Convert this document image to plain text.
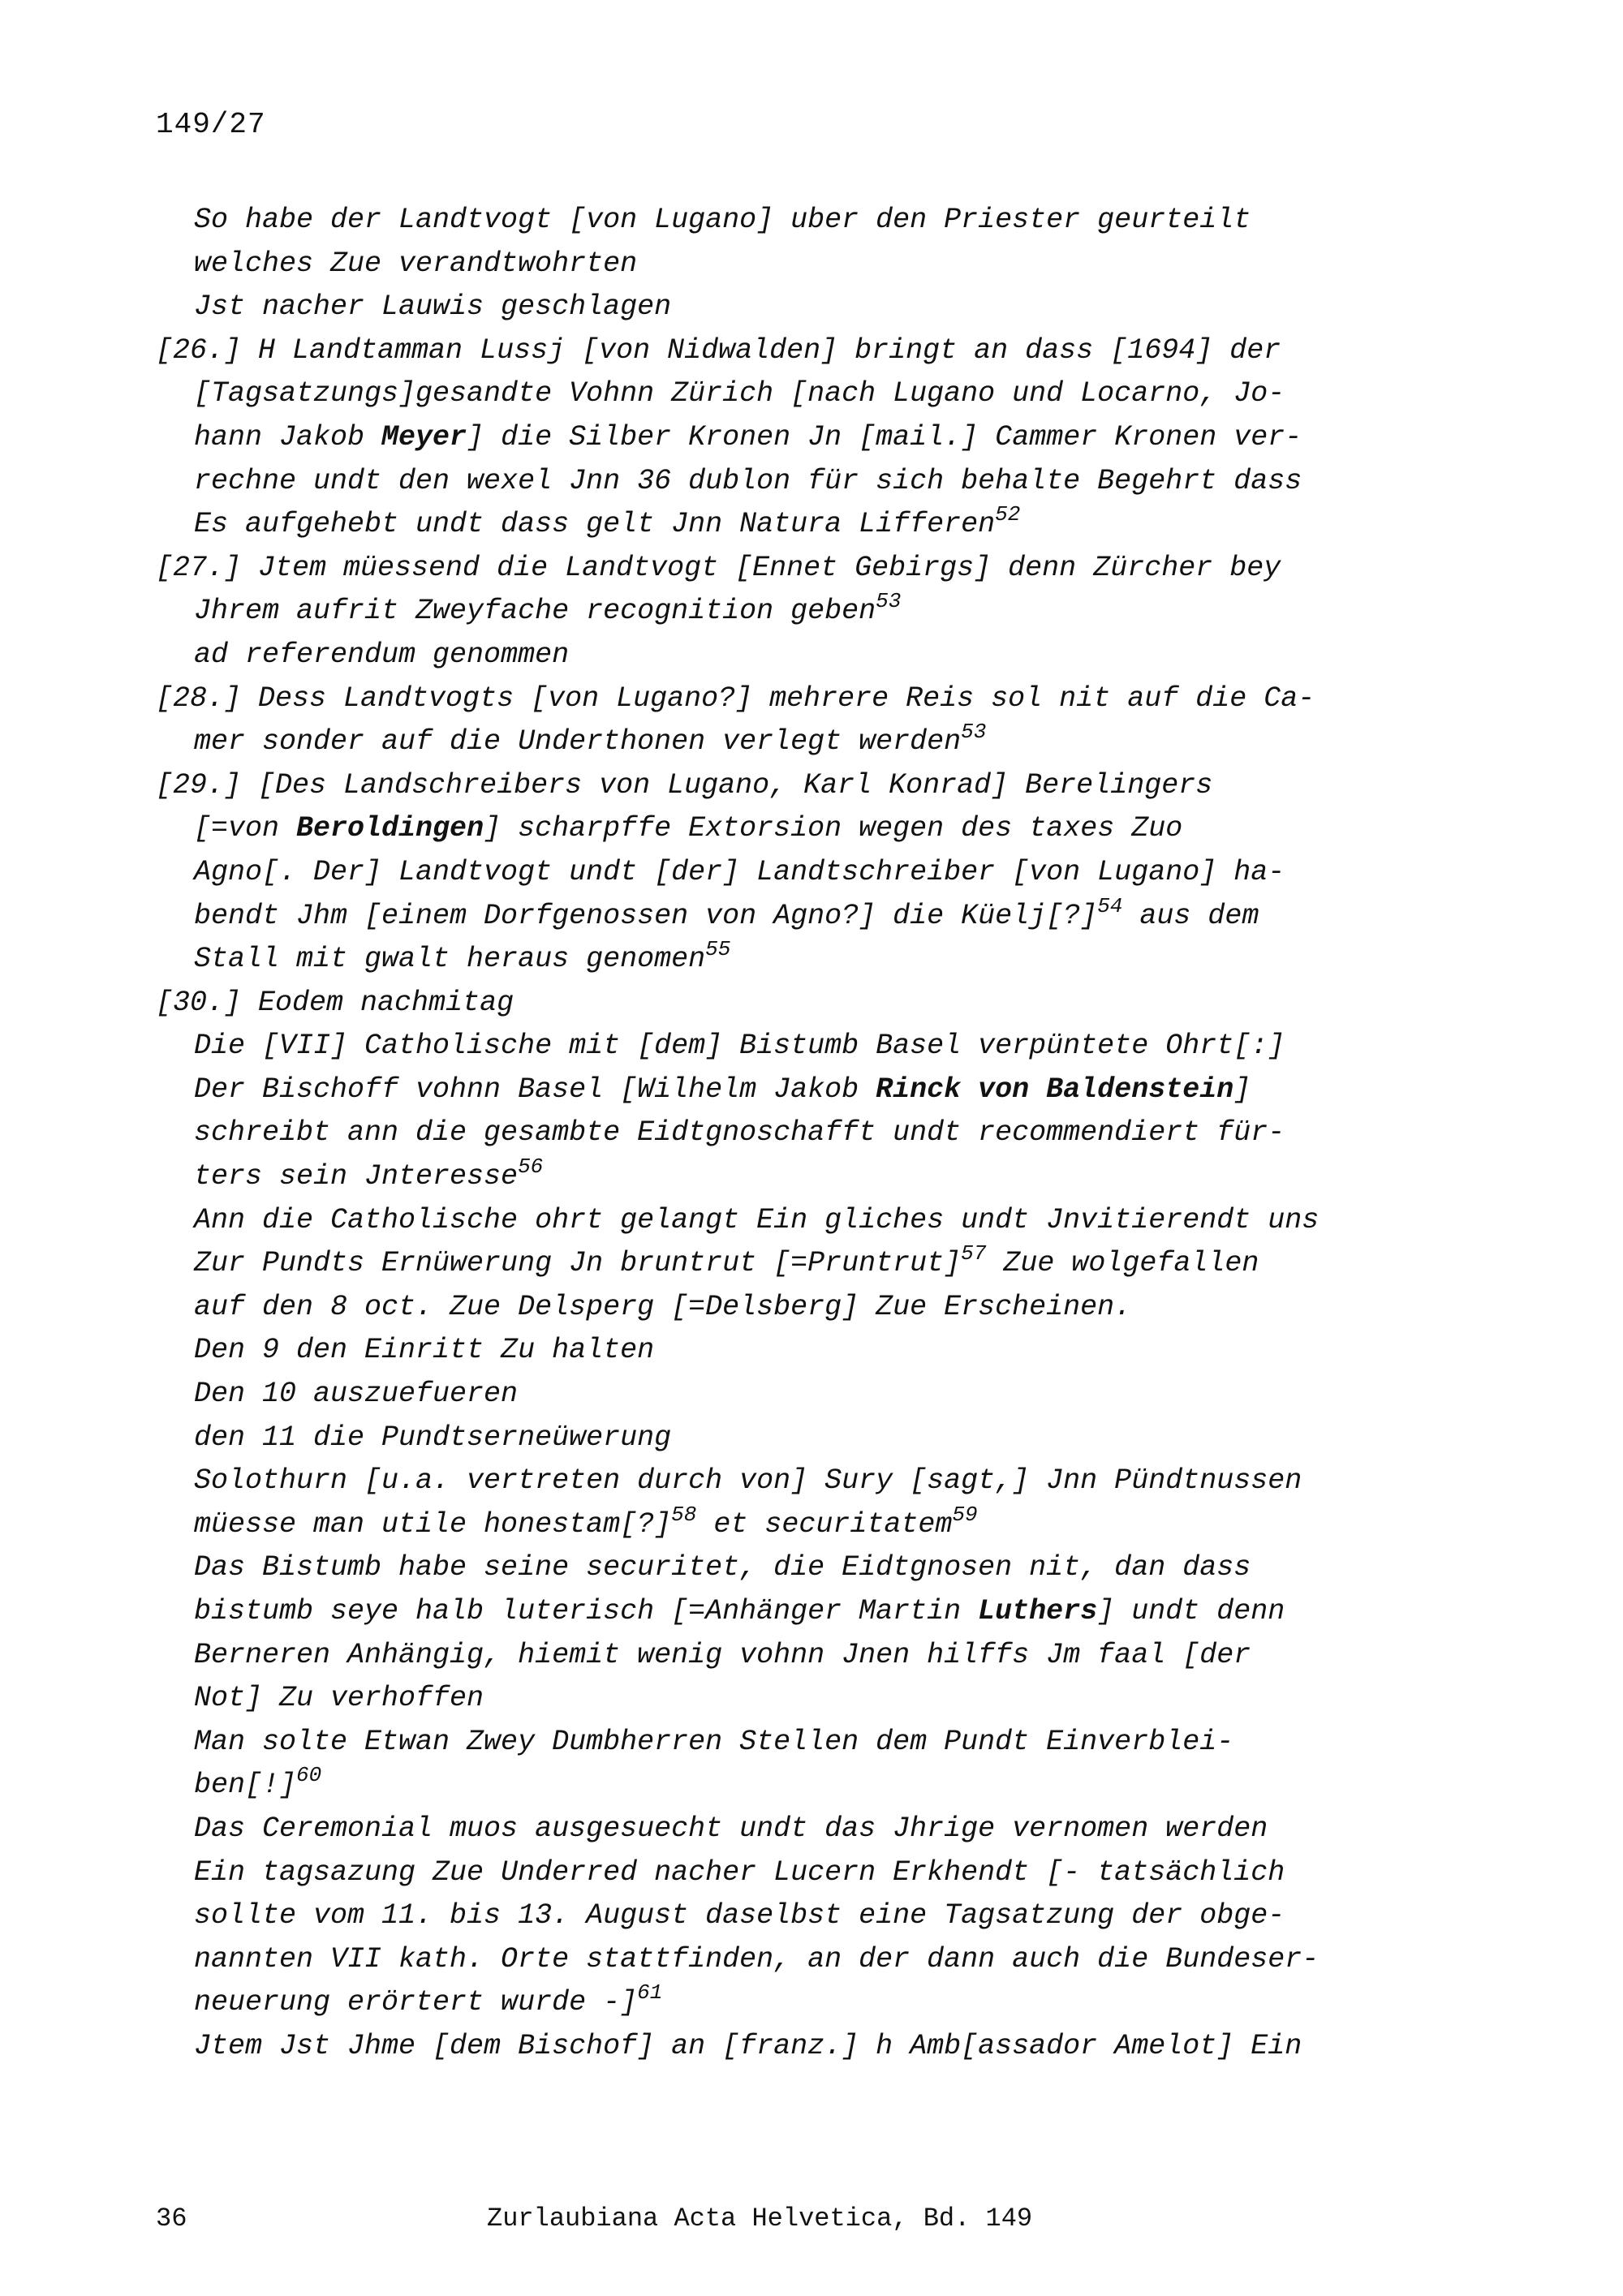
149/27
So habe der Landtvogt [von Lugano] uber den Priester geurteilt
welches Zue verandtwohrten
Jst nacher Lauwis geschlagen
[26.] H Landtamman Lussj [von Nidwalden] bringt an dass [1694] der
[Tagsatzungs]gesandte Vohnn Zürich [nach Lugano und Locarno, Jo-
hann Jakob Meyer] die Silber Kronen Jn [mail.] Cammer Kronen ver-
rechne undt den wexel Jnn 36 dublon für sich behalte Begehrt dass
Es aufgehebt undt dass gelt Jnn Natura Lifferen$^{52}$
[27.] Jtem müessend die Landtvogt [Ennet Gebirgs] denn Zürcher bey
Jhrem aufrit Zweyfache recognition geben$^{53}$
ad referendum genommen
[28.] Dess Landtvogts [von Lugano?] mehrere Reis sol nit auf die Ca-
mer sonder auf die Underthonen verlegt werden$^{53}$
[29.] [Des Landschreibers von Lugano, Karl Konrad] Berelingers
[=von Beroldingen] scharpffe Extorsion wegen des taxes Zuo
Agno[. Der] Landtvogt undt [der] Landtschreiber [von Lugano] ha-
bendt Jhm [einem Dorfgenossen von Agno?] die Küelj[?]$^{54}$ aus dem
Stall mit gwalt heraus genomen$^{55}$
[30.] Eodem nachmitag
Die [VII] Catholische mit [dem] Bistumb Basel verpüntete Ohrt[:]
Der Bischoff vohnn Basel [Wilhelm Jakob Rinck von Baldenstein]
schreibt ann die gesambte Eidtgnoschafft undt recommendiert für-
ters sein Jnteresse$^{56}$
Ann die Catholische ohrt gelangt Ein gliches undt Jnvitierendt uns
Zur Pundts Ernüwerung Jn bruntrut [=Pruntrut]$^{57}$ Zue wolgefallen
auf den 8 oct. Zue Delsperg [=Delsberg] Zue Erscheinen.
Den 9 den Einritt Zu halten
Den 10 auszuefueren
den 11 die Pundtserneüwerung
Solothurn [u.a. vertreten durch von] Sury [sagt,] Jnn Pündtnussen
müesse man utile honestam[?]$^{58}$ et securitatem$^{59}$
Das Bistumb habe seine securitet, die Eidtgnosen nit, dan dass
bistumb seye halb luterisch [=Anhänger Martin Luthers] undt denn
Berneren Anhängig, hiemit wenig vohnn Jnen hilffs Jm faal [der
Not] Zu verhoffen
Man solte Etwan Zwey Dumbherren Stellen dem Pundt Einverblei-
ben[!]$^{60}$
Das Ceremonial muos ausgesuecht undt das Jhrige vernomen werden
Ein tagsazung Zue Underred nacher Lucern Erkhendt [- tatsächlich
sollte vom 11. bis 13. August daselbst eine Tagsatzung der obge-
nannten VII kath. Orte stattfinden, an der dann auch die Bundeser-
neuerung erörtert wurde -]$^{61}$
Jtem Jst Jhme [dem Bischof] an [franz.] h Amb[assador Amelot] Ein
36	Zurlaubiana Acta Helvetica, Bd. 149
